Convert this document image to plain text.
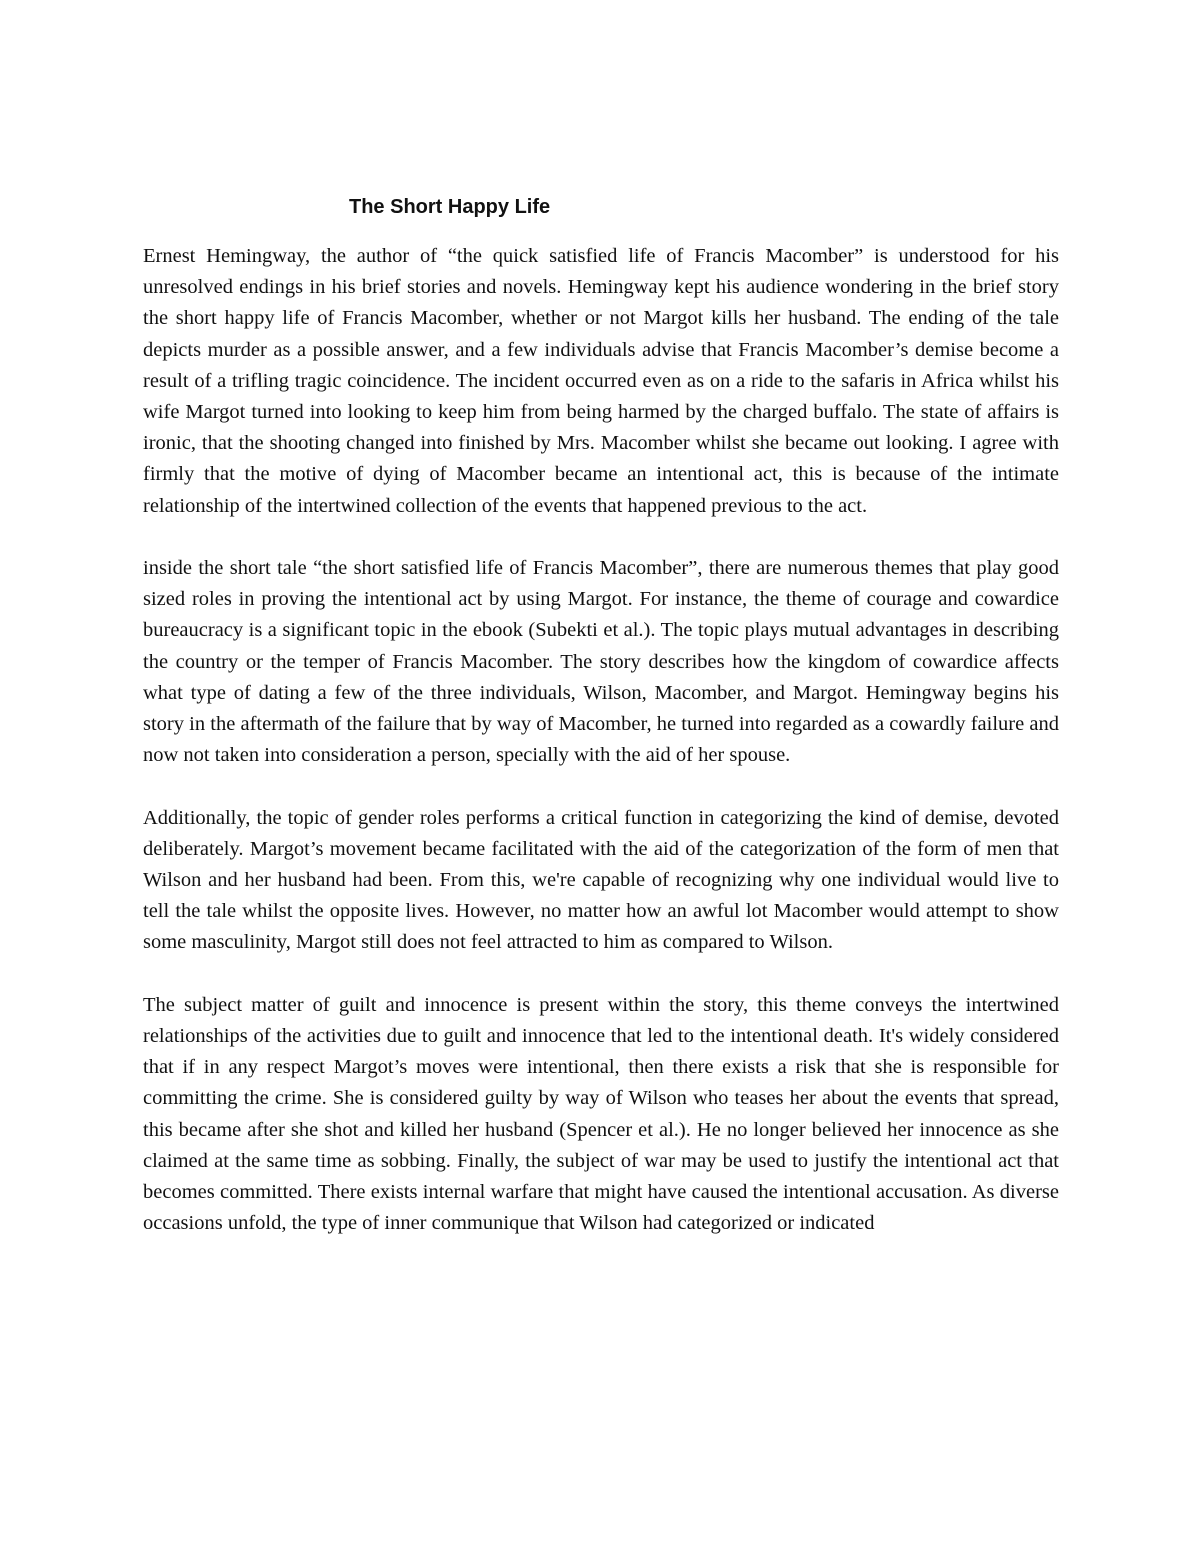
The Short Happy Life

Ernest Hemingway, the author of “the quick satisfied life of Francis Macomber” is understood for his unresolved endings in his brief stories and novels. Hemingway kept his audience wondering in the brief story the short happy life of Francis Macomber, whether or not Margot kills her husband. The ending of the tale depicts murder as a possible answer, and a few individuals advise that Francis Macomber’s demise become a result of a trifling tragic coincidence. The incident occurred even as on a ride to the safaris in Africa whilst his wife Margot turned into looking to keep him from being harmed by the charged buffalo. The state of affairs is ironic, that the shooting changed into finished by Mrs. Macomber whilst she became out looking. I agree with firmly that the motive of dying of Macomber became an intentional act, this is because of the intimate relationship of the intertwined collection of the events that happened previous to the act.

inside the short tale “the short satisfied life of Francis Macomber”, there are numerous themes that play good sized roles in proving the intentional act by using Margot. For instance, the theme of courage and cowardice bureaucracy is a significant topic in the ebook (Subekti et al.). The topic plays mutual advantages in describing the country or the temper of Francis Macomber. The story describes how the kingdom of cowardice affects what type of dating a few of the three individuals, Wilson, Macomber, and Margot. Hemingway begins his story in the aftermath of the failure that by way of Macomber, he turned into regarded as a cowardly failure and now not taken into consideration a person, specially with the aid of her spouse.

Additionally, the topic of gender roles performs a critical function in categorizing the kind of demise, devoted deliberately. Margot’s movement became facilitated with the aid of the categorization of the form of men that Wilson and her husband had been. From this, we're capable of recognizing why one individual would live to tell the tale whilst the opposite lives. However, no matter how an awful lot Macomber would attempt to show some masculinity, Margot still does not feel attracted to him as compared to Wilson.

The subject matter of guilt and innocence is present within the story, this theme conveys the intertwined relationships of the activities due to guilt and innocence that led to the intentional death. It's widely considered that if in any respect Margot’s moves were intentional, then there exists a risk that she is responsible for committing the crime. She is considered guilty by way of Wilson who teases her about the events that spread, this became after she shot and killed her husband (Spencer et al.). He no longer believed her innocence as she claimed at the same time as sobbing. Finally, the subject of war may be used to justify the intentional act that becomes committed. There exists internal warfare that might have caused the intentional accusation. As diverse occasions unfold, the type of inner communique that Wilson had categorized or indicated
